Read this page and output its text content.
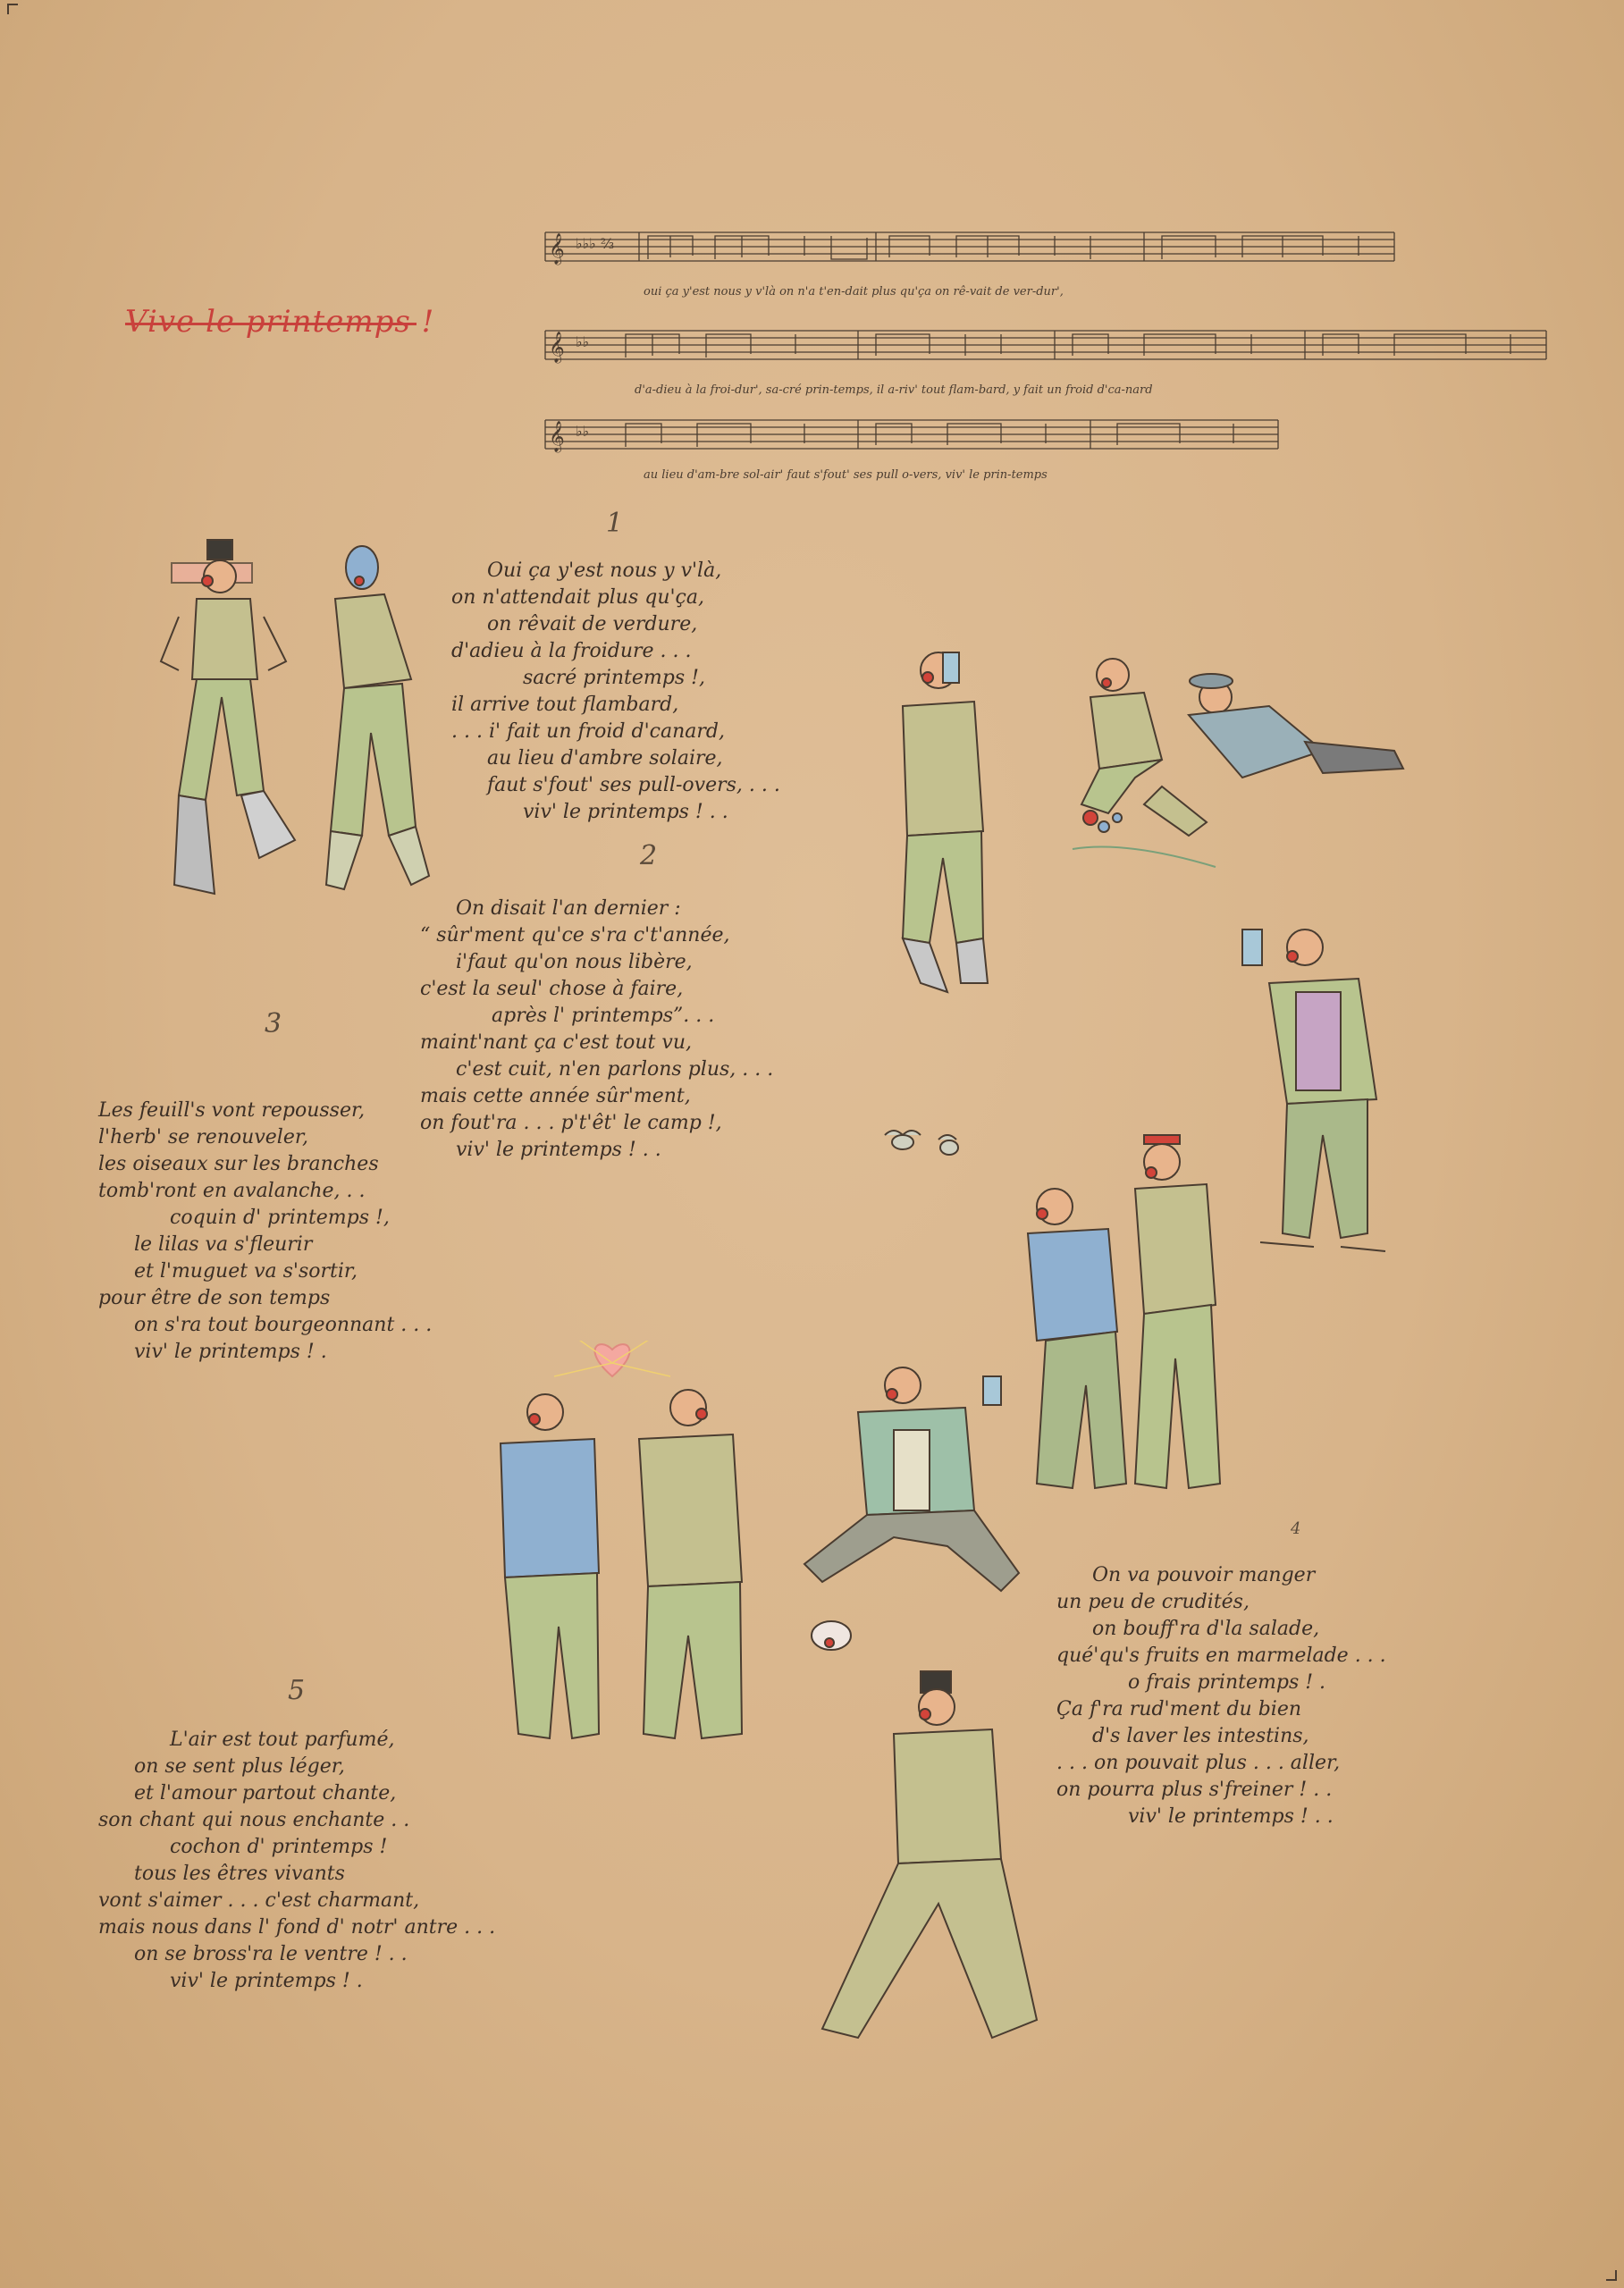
Vive le printemps !
𝄞 ♭♭♭ ⅔
oui ça y'est nous y v'là on n'a t'en-dait plus qu'ça on rê-vait de ver-dur',
𝄞 ♭♭
d'a-dieu à la froi-dur', sa-cré prin-temps, il a-riv' tout flam-bard, y fait un froid d'ca-nard
𝄞 ♭♭
au lieu d'am-bre sol-air' faut s'fout' ses pull o-vers, viv' le prin-temps
1
Oui ça y'est nous y v'là,
on n'attendait plus qu'ça,
on rêvait de verdure,
d'adieu à la froidure . . .
sacré printemps !,
il arrive tout flambard,
. . . i' fait un froid d'canard,
au lieu d'ambre solaire,
faut s'fout' ses pull-overs, . . .
viv' le printemps ! . .
2
On disait l'an dernier :
“ sûr'ment qu'ce s'ra c't'année,
i'faut qu'on nous libère,
c'est la seul' chose à faire,
après l' printemps”. . .
maint'nant ça c'est tout vu,
c'est cuit, n'en parlons plus, . . .
mais cette année sûr'ment,
on fout'ra . . . p't'êt' le camp !,
viv' le printemps ! . .
3
Les feuill's vont repousser,
l'herb' se renouveler,
les oiseaux sur les branches
tomb'ront en avalanche, . .
coquin d' printemps !,
le lilas va s'fleurir
et l'muguet va s'sortir,
pour être de son temps
on s'ra tout bourgeonnant . . .
viv' le printemps ! .
4
On va pouvoir manger
un peu de crudités,
on bouff'ra d'la salade,
qué'qu's fruits en marmelade . . .
o frais printemps ! .
Ça f'ra rud'ment du bien
d's laver les intestins,
. . . on pouvait plus . . . aller,
on pourra plus s'freiner ! . .
viv' le printemps ! . .
5
L'air est tout parfumé,
on se sent plus léger,
et l'amour partout chante,
son chant qui nous enchante . .
cochon d' printemps !
tous les êtres vivants
vont s'aimer . . . c'est charmant,
mais nous dans l' fond d' notr' antre . . .
on se bross'ra le ventre ! . .
viv' le printemps ! .
